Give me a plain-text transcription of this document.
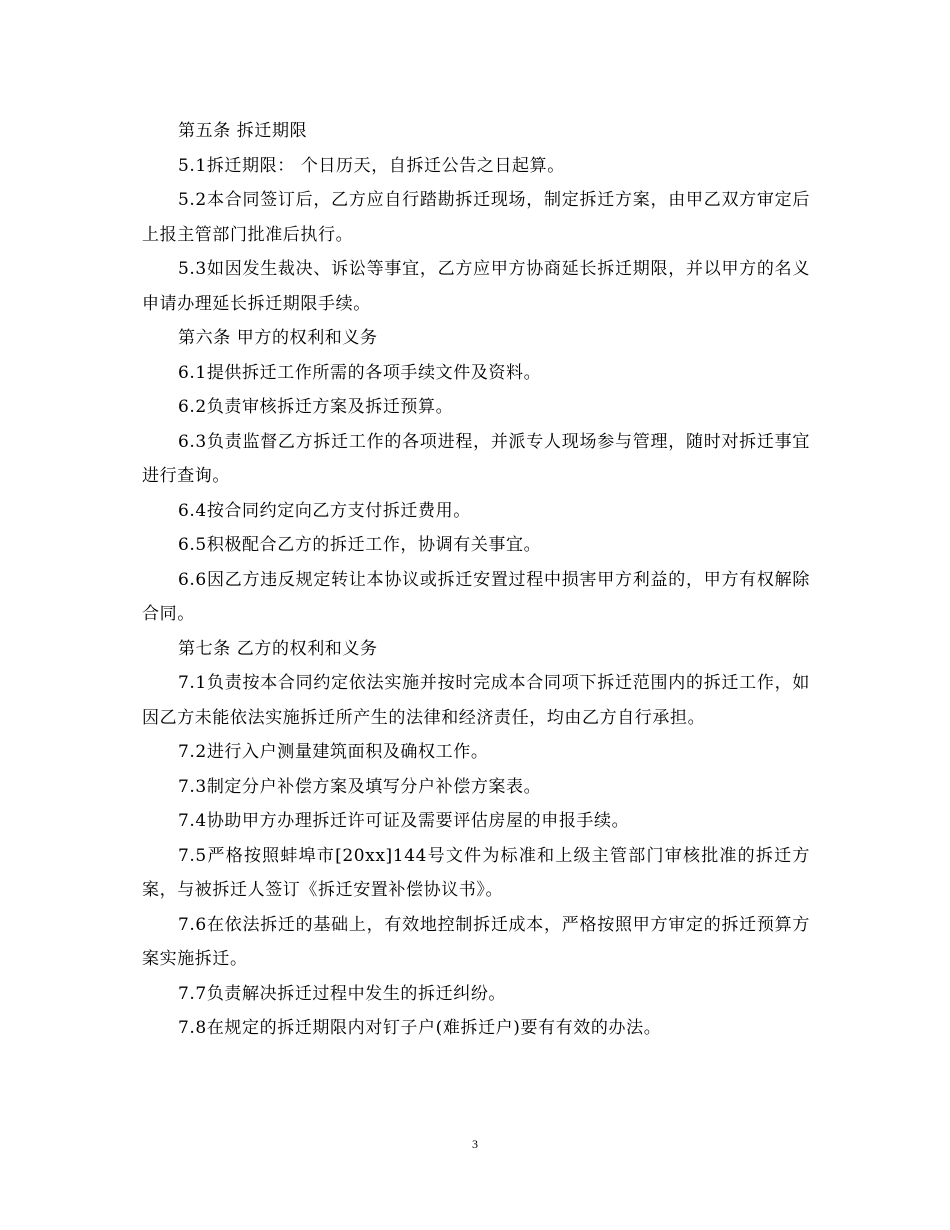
第五条 拆迁期限

5.1拆迁期限： 个日历天，自拆迁公告之日起算。

5.2本合同签订后，乙方应自行踏勘拆迁现场，制定拆迁方案，由甲乙双方审定后上报主管部门批准后执行。

5.3如因发生裁决、诉讼等事宜，乙方应甲方协商延长拆迁期限，并以甲方的名义申请办理延长拆迁期限手续。

第六条 甲方的权利和义务

6.1提供拆迁工作所需的各项手续文件及资料。

6.2负责审核拆迁方案及拆迁预算。

6.3负责监督乙方拆迁工作的各项进程，并派专人现场参与管理，随时对拆迁事宜进行查询。

6.4按合同约定向乙方支付拆迁费用。

6.5积极配合乙方的拆迁工作，协调有关事宜。

6.6因乙方违反规定转让本协议或拆迁安置过程中损害甲方利益的，甲方有权解除合同。

第七条 乙方的权利和义务

7.1负责按本合同约定依法实施并按时完成本合同项下拆迁范围内的拆迁工作，如因乙方未能依法实施拆迁所产生的法律和经济责任，均由乙方自行承担。

7.2进行入户测量建筑面积及确权工作。

7.3制定分户补偿方案及填写分户补偿方案表。

7.4协助甲方办理拆迁许可证及需要评估房屋的申报手续。

7.5严格按照蚌埠市[20xx]144号文件为标准和上级主管部门审核批准的拆迁方案，与被拆迁人签订《拆迁安置补偿协议书》。

7.6在依法拆迁的基础上，有效地控制拆迁成本，严格按照甲方审定的拆迁预算方案实施拆迁。

7.7负责解决拆迁过程中发生的拆迁纠纷。

7.8在规定的拆迁期限内对钉子户(难拆迁户)要有有效的办法。

3
